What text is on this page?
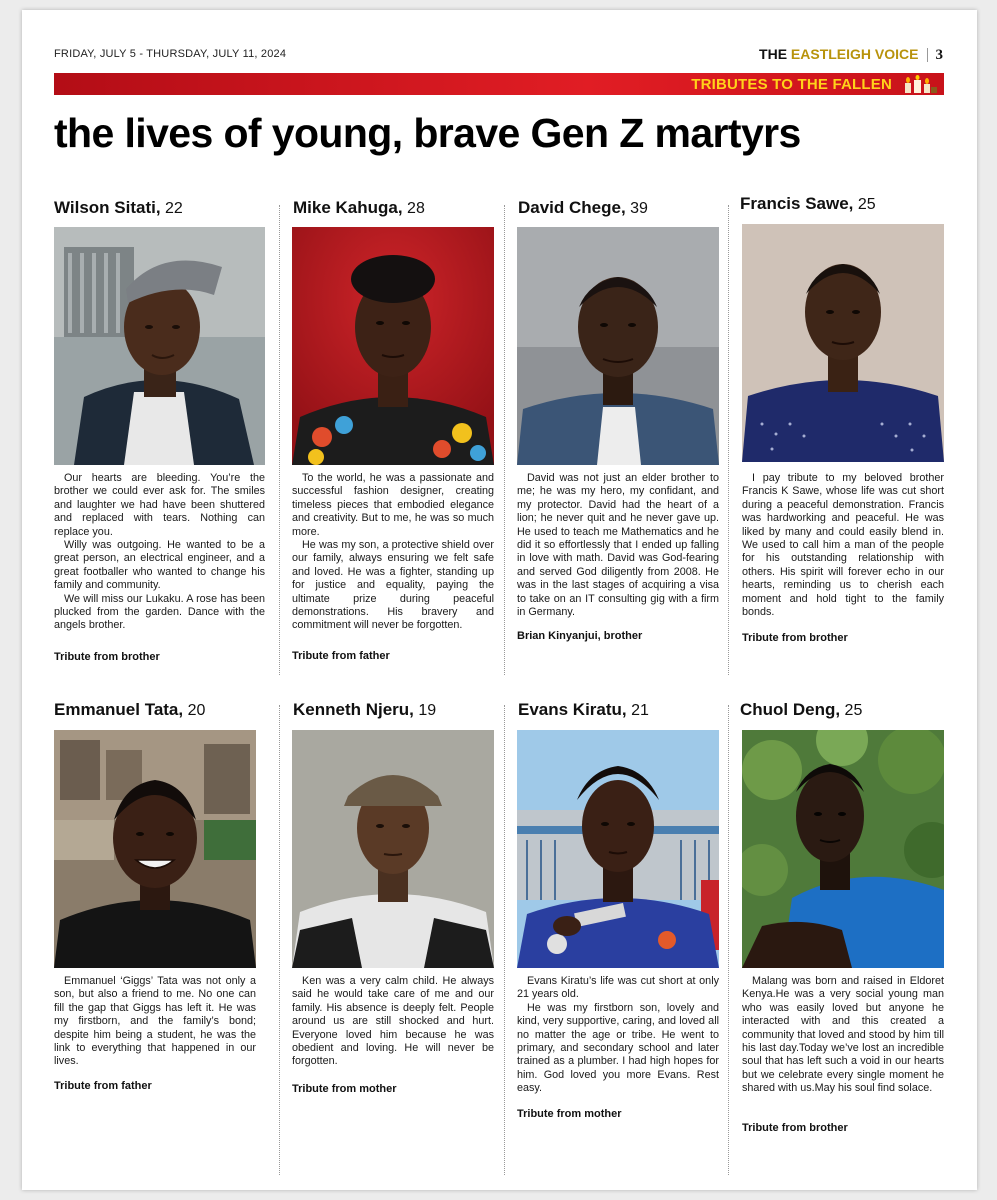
FRIDAY, JULY 5 - THURSDAY, JULY 11, 2024	THE EASTLEIGH VOICE 3
TRIBUTES TO THE FALLEN
the lives of young, brave Gen Z martyrs
Wilson Sitati, 22

Our hearts are bleeding. You’re the brother we could ever ask for. The smiles and laughter we had have been shuttered and replaced with tears. Nothing can replace you.

Willy was outgoing. He wanted to be a great person, an electrical engineer, and a great footballer who wanted to change his family and community.

We will miss our Lukaku. A rose has been plucked from the garden. Dance with the angels brother.

Tribute from brother
Mike Kahuga, 28

To the world, he was a passionate and successful fashion designer, creating timeless pieces that embodied elegance and creativity. But to me, he was so much more.

He was my son, a protective shield over our family, always ensuring we felt safe and loved. He was a fighter, standing up for justice and equality, paying the ultimate prize during peaceful demonstrations. His bravery and commitment will never be forgotten.

Tribute from father
David Chege, 39

David was not just an elder brother to me; he was my hero, my confidant, and my protector. David had the heart of a lion; he never quit and he never gave up. He used to teach me Mathematics and he did it so effortlessly that I ended up falling in love with math. David was God-fearing and served God diligently from 2008. He was in the last stages of acquiring a visa to take on an IT consulting gig with a firm in Germany.

Brian Kinyanjui, brother
Francis Sawe, 25

I pay tribute to my beloved brother Francis K Sawe, whose life was cut short during a peaceful demonstration. Francis was hardworking and peaceful. He was liked by many and could easily blend in. We used to call him a man of the people for his outstanding relationship with others. His spirit will forever echo in our hearts, reminding us to cherish each moment and hold tight to the family bonds.

Tribute from brother
Emmanuel Tata, 20

Emmanuel ‘Giggs’ Tata was not only a son, but also a friend to me. No one can fill the gap that Giggs has left it. He was my firstborn, and the family’s bond; despite him being a student, he was the link to everything that happened in our lives.

Tribute from father
Kenneth Njeru, 19

Ken was a very calm child. He always said he would take care of me and our family. His absence is deeply felt. People around us are still shocked and hurt. Everyone loved him because he was obedient and loving. He will never be forgotten.

Tribute from mother
Evans Kiratu, 21

Evans Kiratu’s life was cut short at only 21 years old.

He was my firstborn son, lovely and kind, very supportive, caring, and loved all no matter the age or tribe. He went to primary, and secondary school and later trained as a plumber. I had high hopes for him. God loved you more Evans. Rest easy.

Tribute from mother
Chuol Deng, 25

Malang was born and raised in Eldoret Kenya.He was a very social young man who was easily loved but anyone he interacted with and this created a community that loved and stood by him till his last day.Today we’ve lost an incredible soul that has left such a void in our hearts but we celebrate every single moment he shared with us.May his soul find solace.

Tribute from brother
